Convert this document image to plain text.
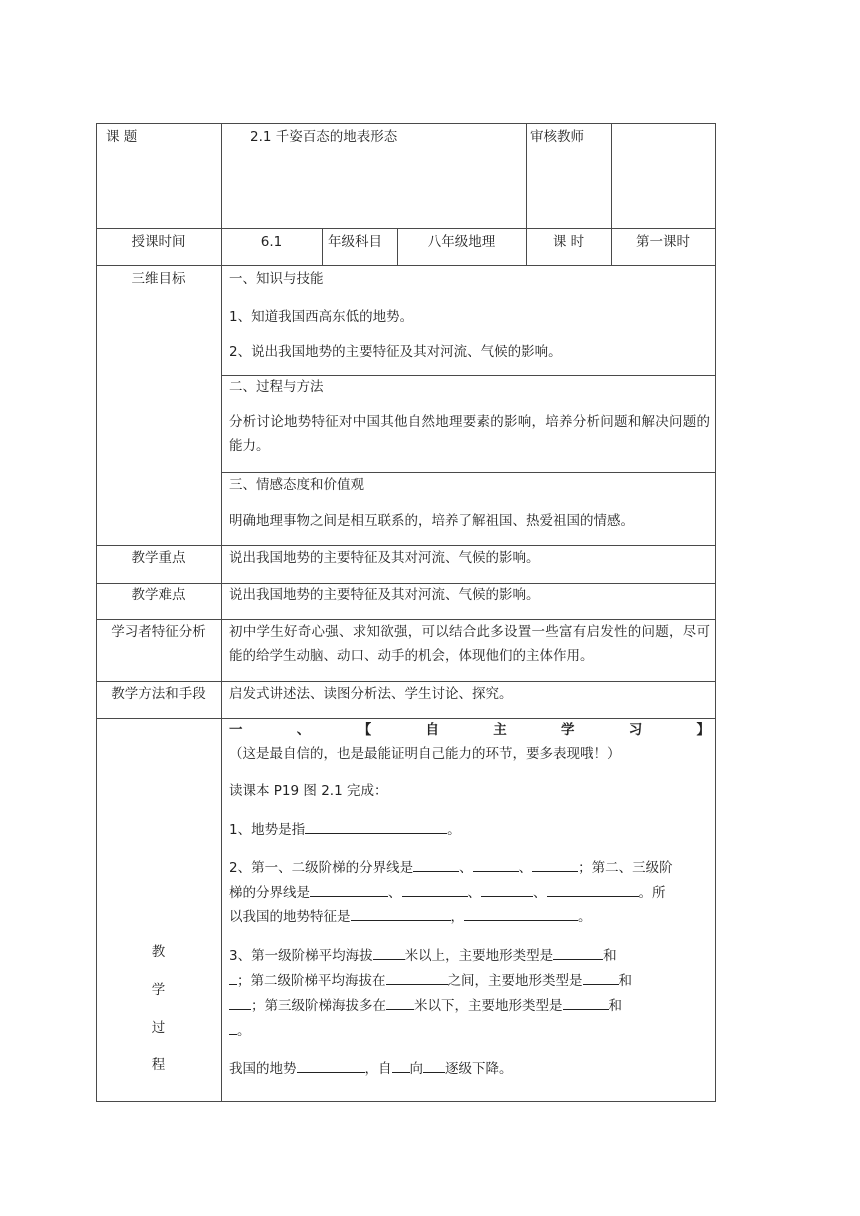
课 题	2.1 千姿百态的地表形态	审核教师
授课时间	6.1	年级科目	八年级地理	课 时	第一课时
三维目标	一、知识与技能
1、知道我国西高东低的地势。
2、说出我国地势的主要特征及其对河流、气候的影响。
二、过程与方法
分析讨论地势特征对中国其他自然地理要素的影响，培养分析问题和解决问题的能力。
三、情感态度和价值观
明确地理事物之间是相互联系的，培养了解祖国、热爱祖国的情感。
教学重点	说出我国地势的主要特征及其对河流、气候的影响。
教学难点	说出我国地势的主要特征及其对河流、气候的影响。
学习者特征分析	初中学生好奇心强、求知欲强，可以结合此多设置一些富有启发性的问题，尽可能的给学生动脑、动口、动手的机会，体现他们的主体作用。
教学方法和手段	启发式讲述法、读图分析法、学生讨论、探究。
教
学
过
程
一、【自主学习】（这是最自信的，也是最能证明自己能力的环节，要多表现哦！）
读课本 P19 图 2.1 完成：
1、地势是指	。
2、第一、二级阶梯的分界线是	、	、	；第二、三级阶
梯的分界线是	、	、	、	。所
以我国的地势特征是	，	。
3、第一级阶梯平均海拔 米以上，主要地形类型是	和
；第二级阶梯平均海拔在	之间，主要地形类型是	和
；第三级阶梯海拔多在 米以下，主要地形类型是	和
。
我国的地势	，自 向 逐级下降。
